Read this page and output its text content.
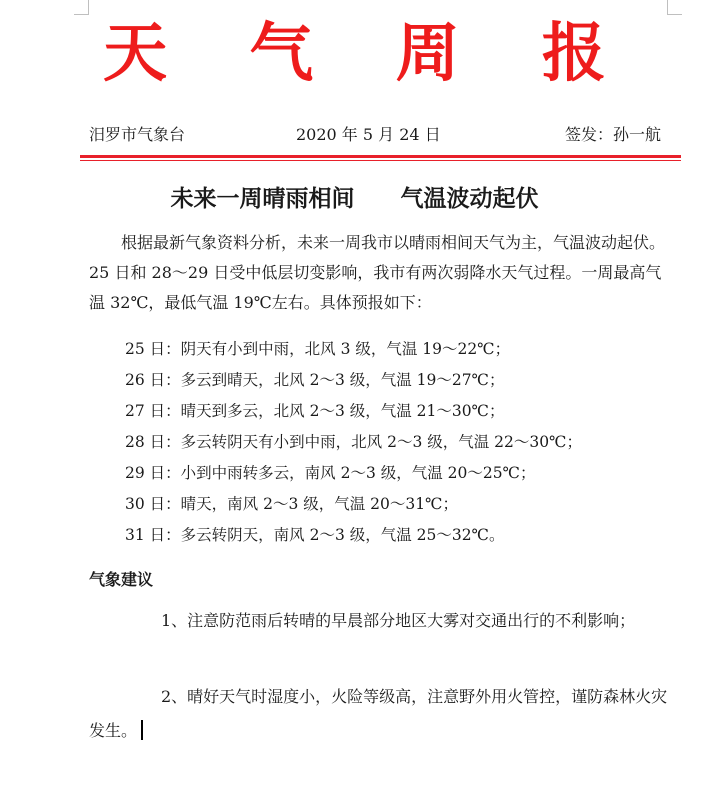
天 气 周 报
汨罗市气象台	2020 年 5 月 24 日	签发：孙一航
未来一周晴雨相间　　气温波动起伏
根据最新气象资料分析，未来一周我市以晴雨相间天气为主，气温波动起伏。25 日和 28～29 日受中低层切变影响，我市有两次弱降水天气过程。一周最高气温 32℃，最低气温 19℃左右。具体预报如下：
25 日：阴天有小到中雨，北风 3 级，气温 19～22℃；
26 日：多云到晴天，北风 2～3 级，气温 19～27℃；
27 日：晴天到多云，北风 2～3 级，气温 21～30℃；
28 日：多云转阴天有小到中雨，北风 2～3 级，气温 22～30℃；
29 日：小到中雨转多云，南风 2～3 级，气温 20～25℃；
30 日：晴天，南风 2～3 级，气温 20～31℃；
31 日：多云转阴天，南风 2～3 级，气温 25～32℃。
气象建议
1、注意防范雨后转晴的早晨部分地区大雾对交通出行的不利影响；
2、晴好天气时湿度小，火险等级高，注意野外用火管控，谨防森林火灾发生。
